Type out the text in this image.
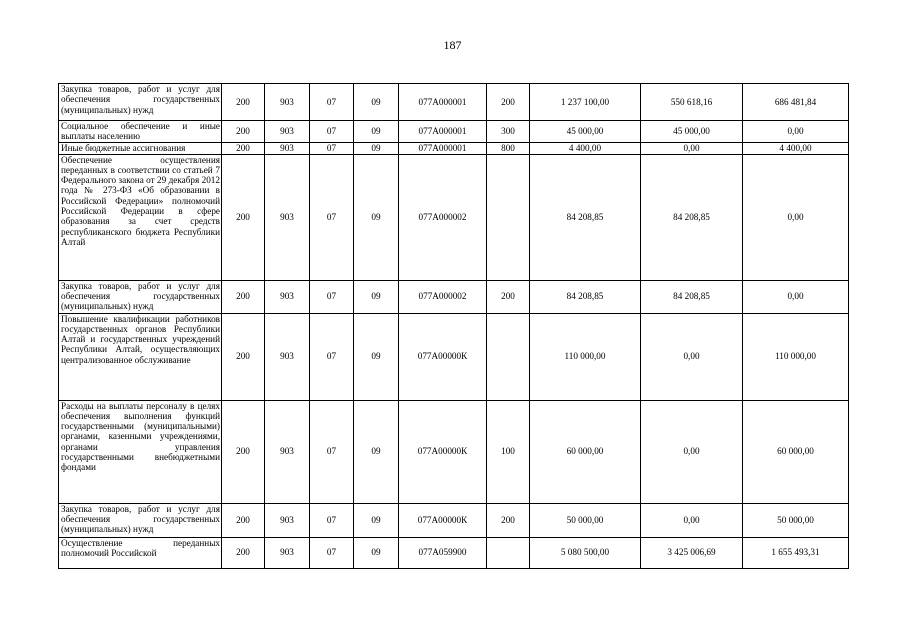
187
Закупка товаров, работ и услуг для обеспечения государственных (муниципальных) нужд	200	903	07	09	077А000001	200	1 237 100,00	550 618,16	686 481,84
Социальное обеспечение и иные выплаты населению	200	903	07	09	077А000001	300	45 000,00	45 000,00	0,00
Иные бюджетные ассигнования	200	903	07	09	077А000001	800	4 400,00	0,00	4 400,00
Обеспечение осуществления переданных в соответствии со статьей 7 Федерального закона от 29 декабря 2012 года № 273-ФЗ «Об образовании в Российской Федерации» полномочий Российской Федерации в сфере образования за счет средств республиканского бюджета Республики Алтай	200	903	07	09	077А000002		84 208,85	84 208,85	0,00
Закупка товаров, работ и услуг для обеспечения государственных (муниципальных) нужд	200	903	07	09	077А000002	200	84 208,85	84 208,85	0,00
Повышение квалификации работников государственных органов Республики Алтай и государственных учреждений Республики Алтай, осуществляющих централизованное обслуживание	200	903	07	09	077А00000К		110 000,00	0,00	110 000,00
Расходы на выплаты персоналу в целях обеспечения выполнения функций государственными (муниципальными) органами, казенными учреждениями, органами управления государственными внебюджетными фондами	200	903	07	09	077А00000К	100	60 000,00	0,00	60 000,00
Закупка товаров, работ и услуг для обеспечения государственных (муниципальных) нужд	200	903	07	09	077А00000К	200	50 000,00	0,00	50 000,00
Осуществление переданных полномочий Российской	200	903	07	09	077А059900		5 080 500,00	3 425 006,69	1 655 493,31
